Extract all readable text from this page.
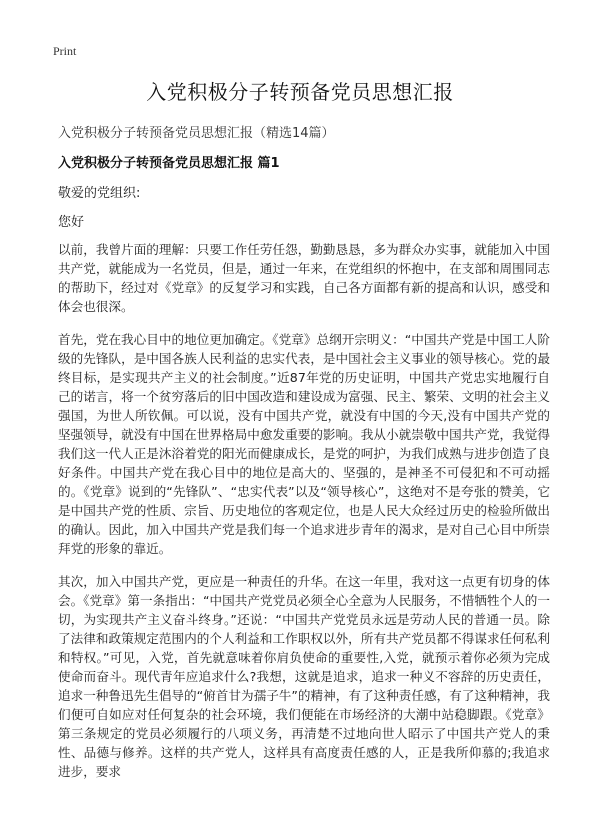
Print
入党积极分子转预备党员思想汇报
入党积极分子转预备党员思想汇报（精选14篇）
入党积极分子转预备党员思想汇报 篇1
敬爱的党组织:
您好

以前，我曾片面的理解：只要工作任劳任怨，勤勤恳恳，多为群众办实事，就能加入中国共产党，就能成为一名党员，但是，通过一年来，在党组织的怀抱中，在支部和周围同志的帮助下，经过对《党章》的反复学习和实践，自己各方面都有新的提高和认识，感受和体会也很深。

首先，党在我心目中的地位更加确定。《党章》总纲开宗明义：“中国共产党是中国工人阶级的先锋队，是中国各族人民利益的忠实代表，是中国社会主义事业的领导核心。党的最终目标，是实现共产主义的社会制度。”近87年党的历史证明，中国共产党忠实地履行自己的诺言，将一个贫穷落后的旧中国改造和建设成为富强、民主、繁荣、文明的社会主义强国，为世人所钦佩。可以说，没有中国共产党，就没有中国的今天,没有中国共产党的坚强领导，就没有中国在世界格局中愈发重要的影响。我从小就崇敬中国共产党，我觉得我们这一代人正是沐浴着党的阳光而健康成长，是党的呵护，为我们成熟与进步创造了良好条件。中国共产党在我心目中的地位是高大的、坚强的，是神圣不可侵犯和不可动摇的。《党章》说到的“先锋队”、“忠实代表”以及“领导核心”，这绝对不是夸张的赞美，它是中国共产党的性质、宗旨、历史地位的客观定位，也是人民大众经过历史的检验所做出的确认。因此，加入中国共产党是我们每一个追求进步青年的渴求，是对自己心目中所崇拜党的形象的靠近。

其次，加入中国共产党，更应是一种责任的升华。在这一年里，我对这一点更有切身的体会。《党章》第一条指出：“中国共产党党员必须全心全意为人民服务，不惜牺牲个人的一切，为实现共产主义奋斗终身。”还说：“中国共产党党员永远是劳动人民的普通一员。除了法律和政策规定范围内的个人利益和工作职权以外，所有共产党员都不得谋求任何私利和特权。”可见，入党，首先就意味着你肩负使命的重要性,入党，就预示着你必须为完成使命而奋斗。现代青年应追求什么?我想，这就是追求，追求一种义不容辞的历史责任，追求一种鲁迅先生倡导的“俯首甘为孺子牛”的精神，有了这种责任感，有了这种精神，我们便可自如应对任何复杂的社会环境，我们便能在市场经济的大潮中站稳脚跟。《党章》第三条规定的党员必须履行的八项义务，再清楚不过地向世人昭示了中国共产党人的秉性、品德与修养。这样的共产党人，这样具有高度责任感的人，正是我所仰慕的;我追求进步，要求
